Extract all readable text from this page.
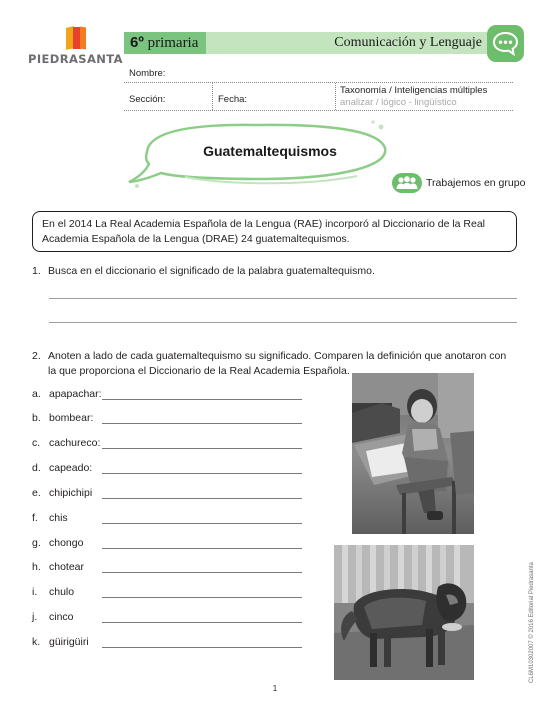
PIEDRASANTA
6º primaria	Comunicación y Lenguaje
Nombre:
Sección:	Fecha:
Taxonomía / Inteligencias múltiples
analizar / lógico - lingüístico
Guatemaltequismos
Trabajemos en grupo
En el 2014 La Real Academia Española de la Lengua (RAE) incorporó al Diccionario de la Real Academia Española de la Lengua (DRAE) 24 guatemaltequismos.
1. Busca en el diccionario el significado de la palabra guatemaltequismo.
2. Anoten a lado de cada guatemaltequismo su significado. Comparen la definición que anotaron con la que proporciona el Diccionario de la Real Academia Española.
a. apapachar:
b. bombear:
c. cachureco:
d. capeado:
e. chipichipi
f. chis
g. chongo
h. chotear
i. chulo
j. cinco
k. güirigüiri	CL6M10302007 © 2016 Editorial Piedrasanta
1
